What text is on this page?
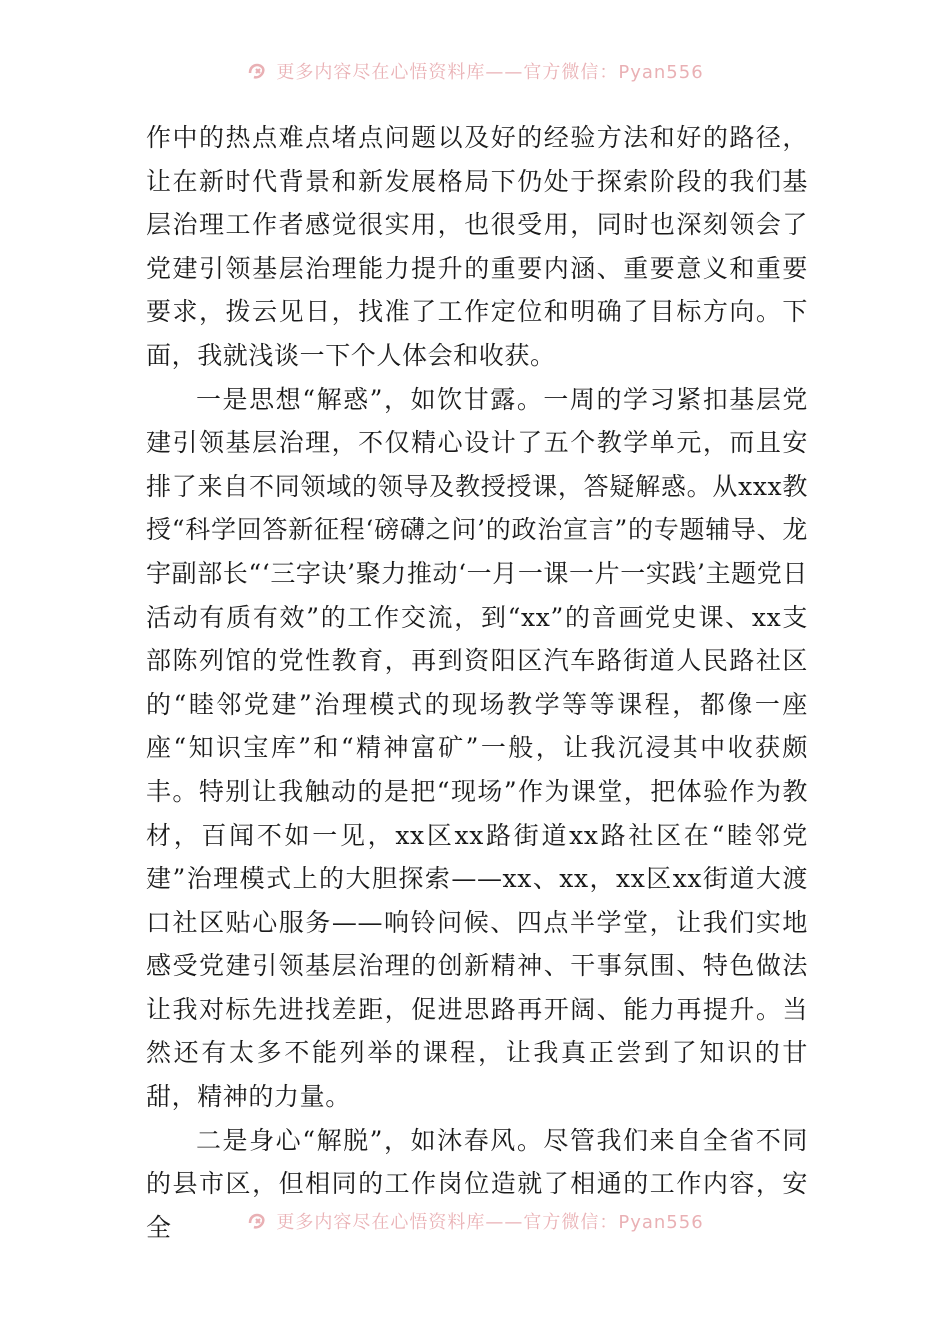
更多内容尽在心悟资料库——官方微信：Pyan556

作中的热点难点堵点问题以及好的经验方法和好的路径，让在新时代背景和新发展格局下仍处于探索阶段的我们基层治理工作者感觉很实用，也很受用，同时也深刻领会了党建引领基层治理能力提升的重要内涵、重要意义和重要要求，拨云见日，找准了工作定位和明确了目标方向。下面，我就浅谈一下个人体会和收获。

一是思想“解惑”，如饮甘露。一周的学习紧扣基层党建引领基层治理，不仅精心设计了五个教学单元，而且安排了来自不同领域的领导及教授授课，答疑解惑。从xxx教授“科学回答新征程‘磅礴之问’的政治宣言”的专题辅导、龙宇副部长“‘三字诀’聚力推动‘一月一课一片一实践’主题党日活动有质有效”的工作交流，到“xx”的音画党史课、xx支部陈列馆的党性教育，再到资阳区汽车路街道人民路社区的“睦邻党建”治理模式的现场教学等等课程，都像一座座“知识宝库”和“精神富矿”一般，让我沉浸其中收获颇丰。特别让我触动的是把“现场”作为课堂，把体验作为教材，百闻不如一见，xx区xx路街道xx路社区在“睦邻党建”治理模式上的大胆探索——xx、xx，xx区xx街道大渡口社区贴心服务——响铃问候、四点半学堂，让我们实地感受党建引领基层治理的创新精神、干事氛围、特色做法让我对标先进找差距，促进思路再开阔、能力再提升。当然还有太多不能列举的课程，让我真正尝到了知识的甘甜，精神的力量。

二是身心“解脱”，如沐春风。尽管我们来自全省不同的县市区，但相同的工作岗位造就了相通的工作内容，安全	更多内容尽在心悟资料库——官方微信：Pyan556
